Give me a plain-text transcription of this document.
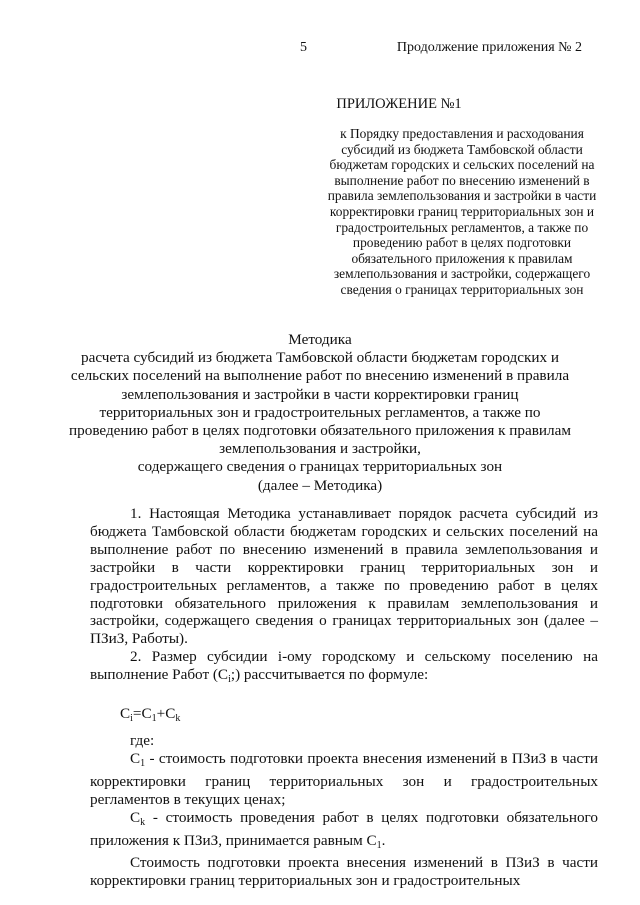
5	Продолжение приложения № 2
ПРИЛОЖЕНИЕ №1
к Порядку предоставления и расходования
субсидий из бюджета Тамбовской области
бюджетам городских и сельских поселений на
выполнение работ по внесению изменений в
правила землепользования и застройки в части
корректировки границ территориальных зон и
градостроительных регламентов, а также по
проведению работ в целях подготовки
обязательного приложения к правилам
землепользования и застройки, содержащего
сведения о границах территориальных зон
Методика
расчета субсидий из бюджета Тамбовской области бюджетам городских и
сельских поселений на выполнение работ по внесению изменений в правила
землепользования и застройки в части корректировки границ
территориальных зон и градостроительных регламентов, а также по
проведению работ в целях подготовки обязательного приложения к правилам
землепользования и застройки,
содержащего сведения о границах территориальных зон
(далее – Методика)

1. Настоящая Методика устанавливает порядок расчета субсидий из бюджета Тамбовской области бюджетам городских и сельских поселений на выполнение работ по внесению изменений в правила землепользования и застройки в части корректировки границ территориальных зон и градостроительных регламентов, а также по проведению работ в целях подготовки обязательного приложения к правилам землепользования и застройки, содержащего сведения о границах территориальных зон (далее – ПЗиЗ, Работы).

2. Размер субсидии i-ому городскому и сельскому поселению на выполнение Работ $(С_i;)$ рассчитывается по формуле:

$C_i=C_1+C_k$

где:

$C_1$ - стоимость подготовки проекта внесения изменений в ПЗиЗ в части корректировки границ территориальных зон и градостроительных регламентов в текущих ценах;

$C_k$ - стоимость проведения работ в целях подготовки обязательного приложения к ПЗиЗ, принимается равным $С_1$.

Стоимость подготовки проекта внесения изменений в ПЗиЗ в части корректировки границ территориальных зон и градостроительных
